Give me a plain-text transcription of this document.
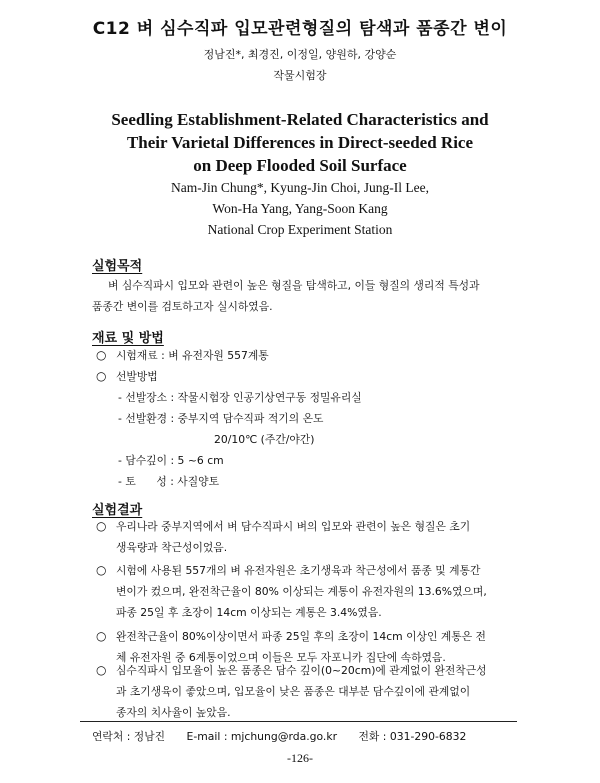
C12 벼 심수직파 입모관련형질의 탐색과 품종간 변이
정남진*, 최경진, 이정일, 양원하, 강양순
작물시험장
Seedling Establishment-Related Characteristics and
Their Varietal Differences in Direct-seeded Rice
on Deep Flooded Soil Surface
Nam-Jin Chung*, Kyung-Jin Choi, Jung-Il Lee,
Won-Ha Yang, Yang-Soon Kang
National Crop Experiment Station
실험목적
벼 심수직파시 입모와 관련이 높은 형질을 탐색하고, 이들 형질의 생리적 특성과
품종간 변이를 검토하고자 실시하였음.
재료 및 방법
○ 시험재료 : 벼 유전자원 557계통
○ 선발방법
- 선발장소 : 작물시험장 인공기상연구동 정밀유리실
- 선발환경 : 중부지역 담수직파 적기의 온도
20/10℃ (주간/야간)
- 담수깊이 : 5 ~6 cm
- 토      성 : 사질양토
실험결과
○ 우리나라 중부지역에서 벼 담수직파시 벼의 입모와 관련이 높은 형질은 초기
생육량과 착근성이었음.
○ 시험에 사용된 557개의 벼 유전자원은 초기생육과 착근성에서 품종 및 계통간
변이가 컸으며, 완전착근율이 80% 이상되는 계통이 유전자원의 13.6%였으며,
파종 25일 후 초장이 14cm 이상되는 계통은 3.4%였음.
○ 완전착근율이 80%이상이면서 파종 25일 후의 초장이 14cm 이상인 계통은 전
체 유전자원 중 6계통이었으며 이들은 모두 자포니카 집단에 속하였음.
○ 심수직파시 입모율이 높은 품종은 담수 깊이(0~20cm)에 관계없이 완전착근성
과 초기생육이 좋았으며, 입모율이 낮은 품종은 대부분 담수깊이에 관계없이
종자의 치사율이 높았음.
연락처 : 정남진 E-mail : mjchung@rda.go.kr 전화 : 031-290-6832
-126-
